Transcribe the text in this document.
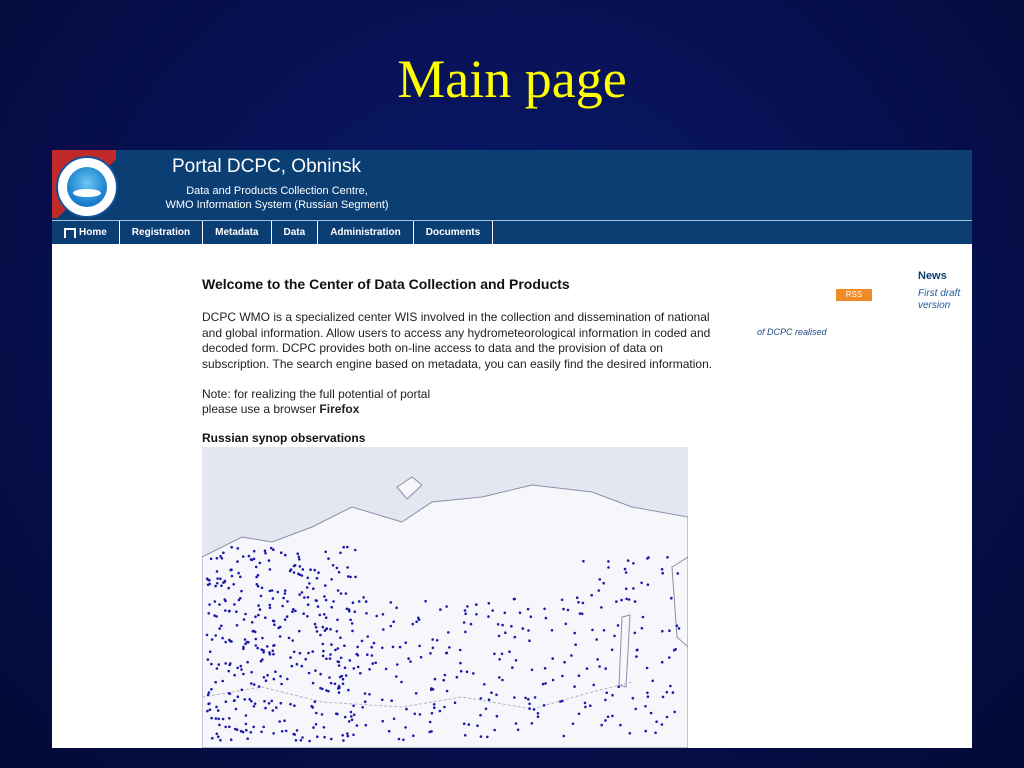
Main page
Portal DCPC, Obninsk
Data and Products Collection Centre,
WMO Information System (Russian Segment)
Home	Registration	Metadata	Data	Administration	Documents
Welcome to the Center of Data Collection and Products
DCPC WMO is a specialized center WIS involved in the collection and dissemination of national and global information. Allow users to access any hydrometeorological information in coded and decoded form. DCPC provides both on-line access to data and the provision of data on subscription. The search engine based on metadata, you can easily find the desired information.
Note: for realizing the full potential of portal
please use a browser Firefox
Russian synop observations
RSS
of DCPC realised
News
First draft version
